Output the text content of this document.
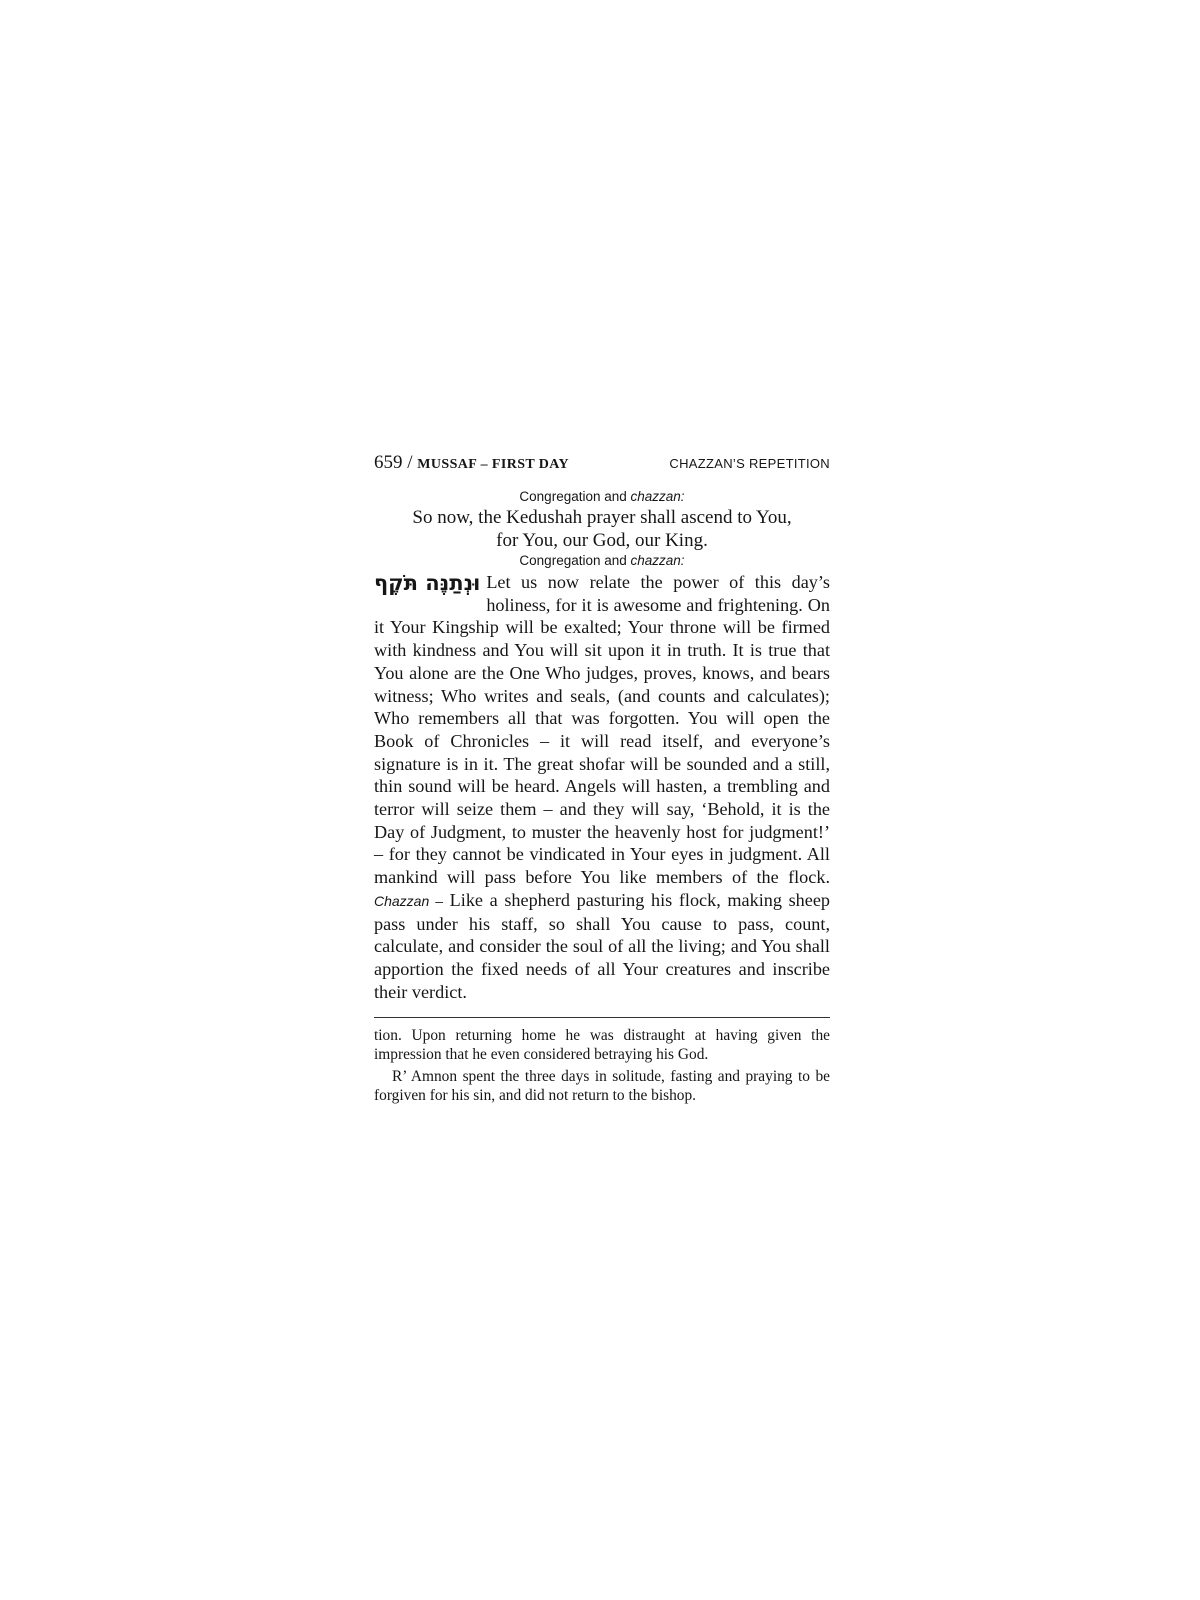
659 / MUSSAF – FIRST DAY	CHAZZAN’S REPETITION
Congregation and chazzan:
So now, the Kedushah prayer shall ascend to You,
for You, our God, our King.
Congregation and chazzan:
וּנְתַנֶּה תֹּקֶף Let us now relate the power of this day’s holiness, for it is awesome and frightening. On it Your Kingship will be exalted; Your throne will be firmed with kindness and You will sit upon it in truth. It is true that You alone are the One Who judges, proves, knows, and bears witness; Who writes and seals, (and counts and calculates); Who remembers all that was forgotten. You will open the Book of Chronicles – it will read itself, and everyone’s signature is in it. The great shofar will be sounded and a still, thin sound will be heard. Angels will hasten, a trembling and terror will seize them – and they will say, ‘Behold, it is the Day of Judgment, to muster the heavenly host for judgment!’ – for they cannot be vindicated in Your eyes in judgment. All mankind will pass before You like members of the flock. Chazzan – Like a shepherd pasturing his flock, making sheep pass under his staff, so shall You cause to pass, count, calculate, and consider the soul of all the living; and You shall apportion the fixed needs of all Your creatures and inscribe their verdict.
tion. Upon returning home he was distraught at having given the impression that he even considered betraying his God.
R’ Amnon spent the three days in solitude, fasting and praying to be forgiven for his sin, and did not return to the bishop.
